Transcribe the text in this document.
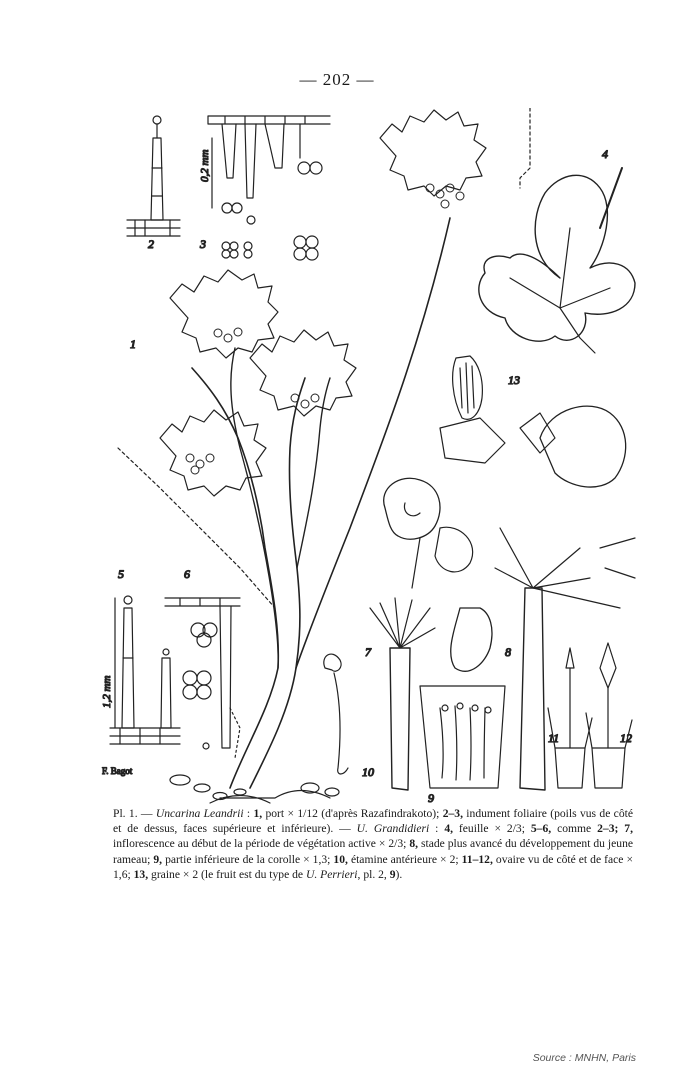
— 202 —
2	3
4
1
13
5	6
7	8
9
10
11	12
0,2 mm
1,2 mm
F. Bagot
Pl. 1. — Uncarina Leandrii : 1, port × 1/12 (d'après Razafindrakoto); 2–3, indument foliaire (poils vus de côté et de dessus, faces supérieure et inférieure). — U. Grandidieri : 4, feuille × 2/3; 5–6, comme 2–3; 7, inflorescence au début de la période de végétation active × 2/3; 8, stade plus avancé du développement du jeune rameau; 9, partie inférieure de la corolle × 1,3; 10, étamine antérieure × 2; 11–12, ovaire vu de côté et de face × 1,6; 13, graine × 2 (le fruit est du type de U. Perrieri, pl. 2, 9).
Source : MNHN, Paris
